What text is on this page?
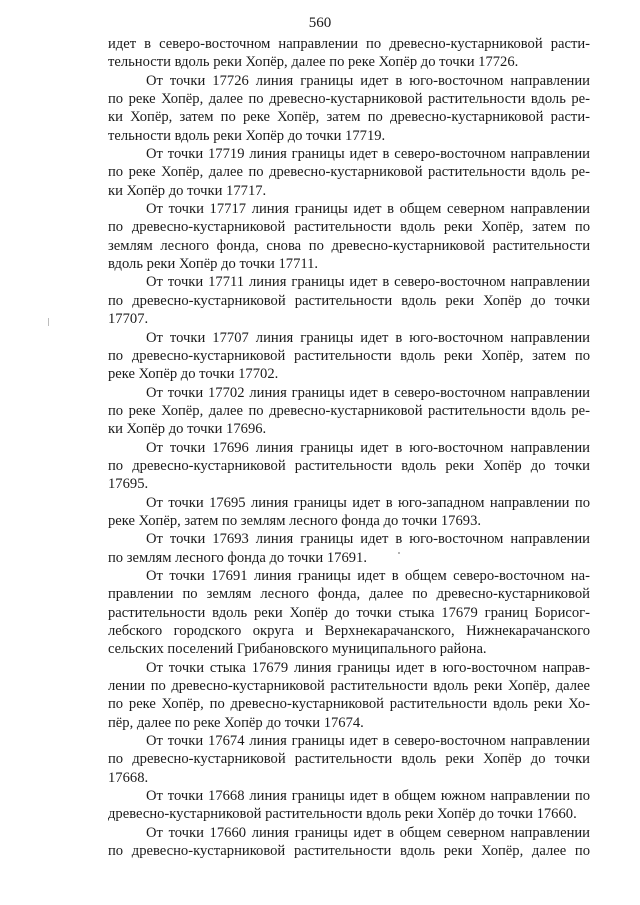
560
идет в северо-восточном направлении по древесно-кустарниковой расти-
тельности вдоль реки Хопёр, далее по реке Хопёр до точки 17726.
От точки 17726 линия границы идет в юго-восточном направлении
по реке Хопёр, далее по древесно-кустарниковой растительности вдоль ре-
ки Хопёр, затем по реке Хопёр, затем по древесно-кустарниковой расти-
тельности вдоль реки Хопёр до точки 17719.
От точки 17719 линия границы идет в северо-восточном направлении
по реке Хопёр, далее по древесно-кустарниковой растительности вдоль ре-
ки Хопёр до точки 17717.
От точки 17717 линия границы идет в общем северном направлении
по древесно-кустарниковой растительности вдоль реки Хопёр, затем по
землям лесного фонда, снова по древесно-кустарниковой растительности
вдоль реки Хопёр до точки 17711.
От точки 17711 линия границы идет в северо-восточном направлении
по древесно-кустарниковой растительности вдоль реки Хопёр до точки
17707.
От точки 17707 линия границы идет в юго-восточном направлении
по древесно-кустарниковой растительности вдоль реки Хопёр, затем по
реке Хопёр до точки 17702.
От точки 17702 линия границы идет в северо-восточном направлении
по реке Хопёр, далее по древесно-кустарниковой растительности вдоль ре-
ки Хопёр до точки 17696.
От точки 17696 линия границы идет в юго-восточном направлении
по древесно-кустарниковой растительности вдоль реки Хопёр до точки
17695.
От точки 17695 линия границы идет в юго-западном направлении по
реке Хопёр, затем по землям лесного фонда до точки 17693.
От точки 17693 линия границы идет в юго-восточном направлении
по землям лесного фонда до точки 17691.
От точки 17691 линия границы идет в общем северо-восточном на-
правлении по землям лесного фонда, далее по древесно-кустарниковой
растительности вдоль реки Хопёр до точки стыка 17679 границ Борисог-
лебского городского округа и Верхнекарачанского, Нижнекарачанского
сельских поселений Грибановского муниципального района.
От точки стыка 17679 линия границы идет в юго-восточном направ-
лении по древесно-кустарниковой растительности вдоль реки Хопёр, далее
по реке Хопёр, по древесно-кустарниковой растительности вдоль реки Хо-
пёр, далее по реке Хопёр до точки 17674.
От точки 17674 линия границы идет в северо-восточном направлении
по древесно-кустарниковой растительности вдоль реки Хопёр до точки
17668.
От точки 17668 линия границы идет в общем южном направлении по
древесно-кустарниковой растительности вдоль реки Хопёр до точки 17660.
От точки 17660 линия границы идет в общем северном направлении
по древесно-кустарниковой растительности вдоль реки Хопёр, далее по
